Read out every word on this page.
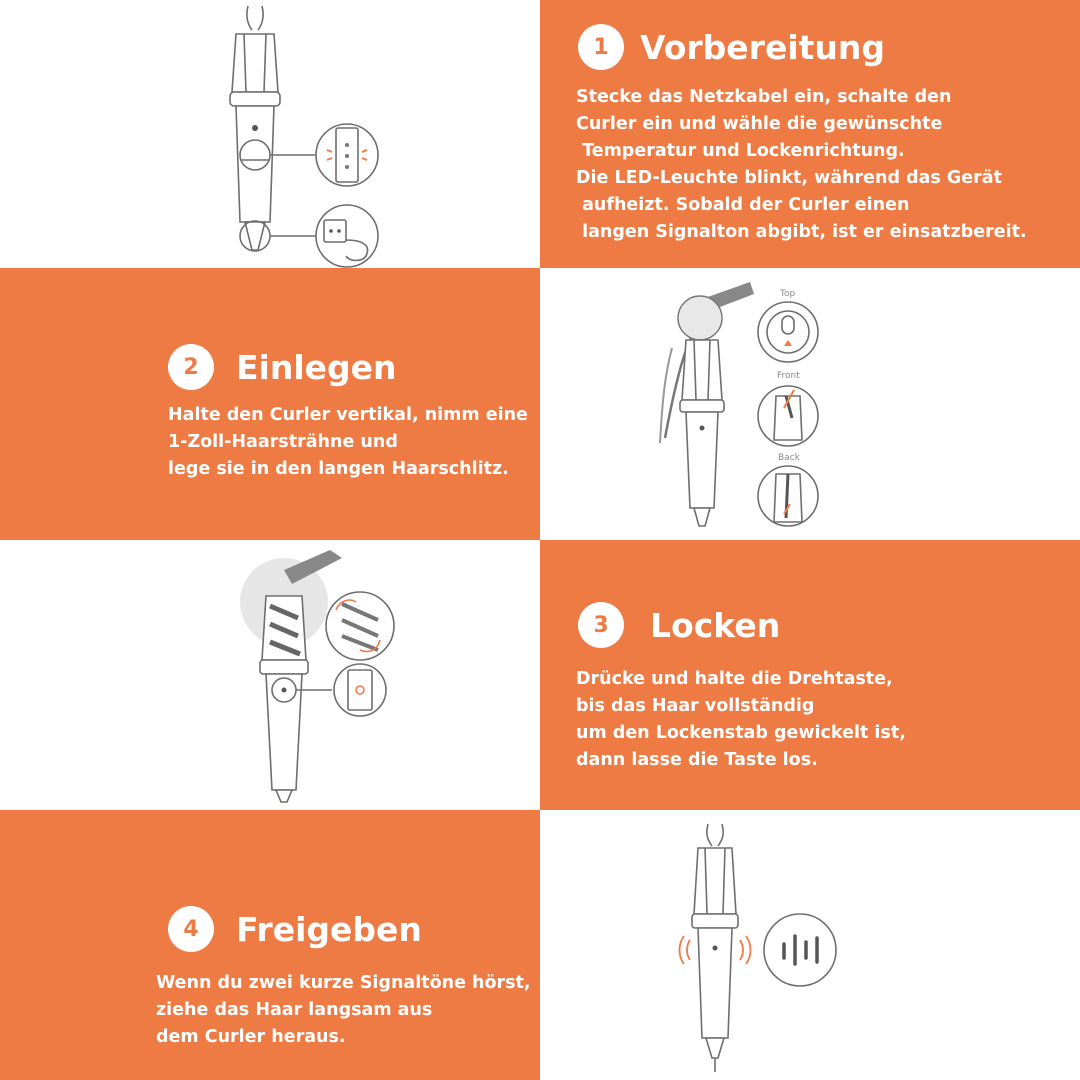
1 Vorbereitung
Stecke das Netzkabel ein, schalte den
Curler ein und wähle die gewünschte
Temperatur und Lockenrichtung.
Die LED-Leuchte blinkt, während das Gerät
aufheizt. Sobald der Curler einen
langen Signalton abgibt, ist er einsatzbereit.
2	Einlegen
Halte den Curler vertikal, nimm eine
1-Zoll-Haarsträhne und
lege sie in den langen Haarschlitz.
Top
Front
Back
3	Locken
Drücke und halte die Drehtaste,
bis das Haar vollständig
um den Lockenstab gewickelt ist,
dann lasse die Taste los.
4	Freigeben
Wenn du zwei kurze Signaltöne hörst,
ziehe das Haar langsam aus
dem Curler heraus.
